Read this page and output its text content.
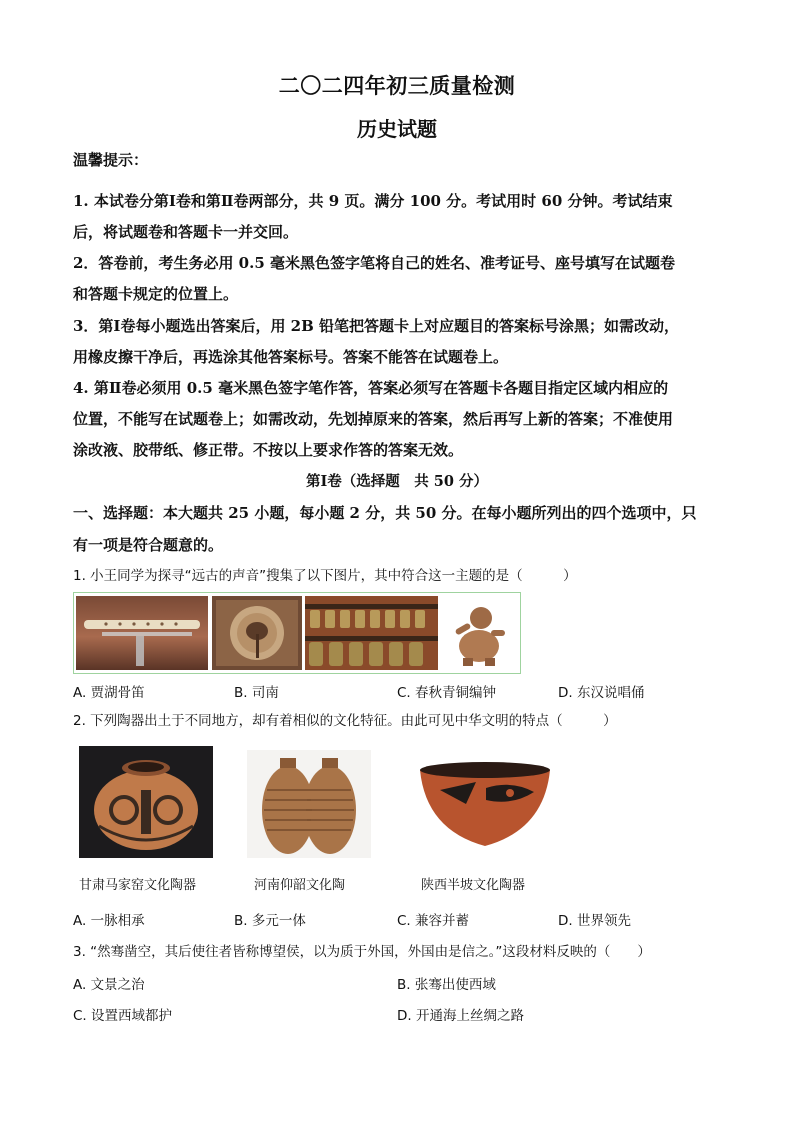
二〇二四年初三质量检测
历史试题
温馨提示：
1. 本试卷分第Ⅰ卷和第Ⅱ卷两部分，共 9 页。满分 100 分。考试用时 60 分钟。考试结束
后，将试题卷和答题卡一并交回。
2．答卷前，考生务必用 0.5 毫米黑色签字笔将自己的姓名、准考证号、座号填写在试题卷
和答题卡规定的位置上。
3．第Ⅰ卷每小题选出答案后，用 2B 铅笔把答题卡上对应题目的答案标号涂黑；如需改动，
用橡皮擦干净后，再选涂其他答案标号。答案不能答在试题卷上。
4. 第Ⅱ卷必须用 0.5 毫米黑色签字笔作答，答案必须写在答题卡各题目指定区域内相应的
位置，不能写在试题卷上；如需改动，先划掉原来的答案，然后再写上新的答案；不准使用
涂改液、胶带纸、修正带。不按以上要求作答的答案无效。
第Ⅰ卷（选择题　共 50 分）
一、选择题：本大题共 25 小题，每小题 2 分，共 50 分。在每小题所列出的四个选项中，只
有一项是符合题意的。
1. 小王同学为探寻“远古的声音”搜集了以下图片，其中符合这一主题的是（　　　）
A. 贾湖骨笛	B. 司南	C. 春秋青铜编钟	D. 东汉说唱俑
2. 下列陶器出土于不同地方，却有着相似的文化特征。由此可见中华文明的特点（　　　）
甘肃马家窑文化陶器	河南仰韶文化陶	陕西半坡文化陶器
A. 一脉相承	B. 多元一体	C. 兼容并蓄	D. 世界领先
3. “然骞凿空，其后使往者皆称博望侯，以为质于外国，外国由是信之。”这段材料反映的（　　）
A. 文景之治	B. 张骞出使西域
C. 设置西域都护	D. 开通海上丝绸之路
